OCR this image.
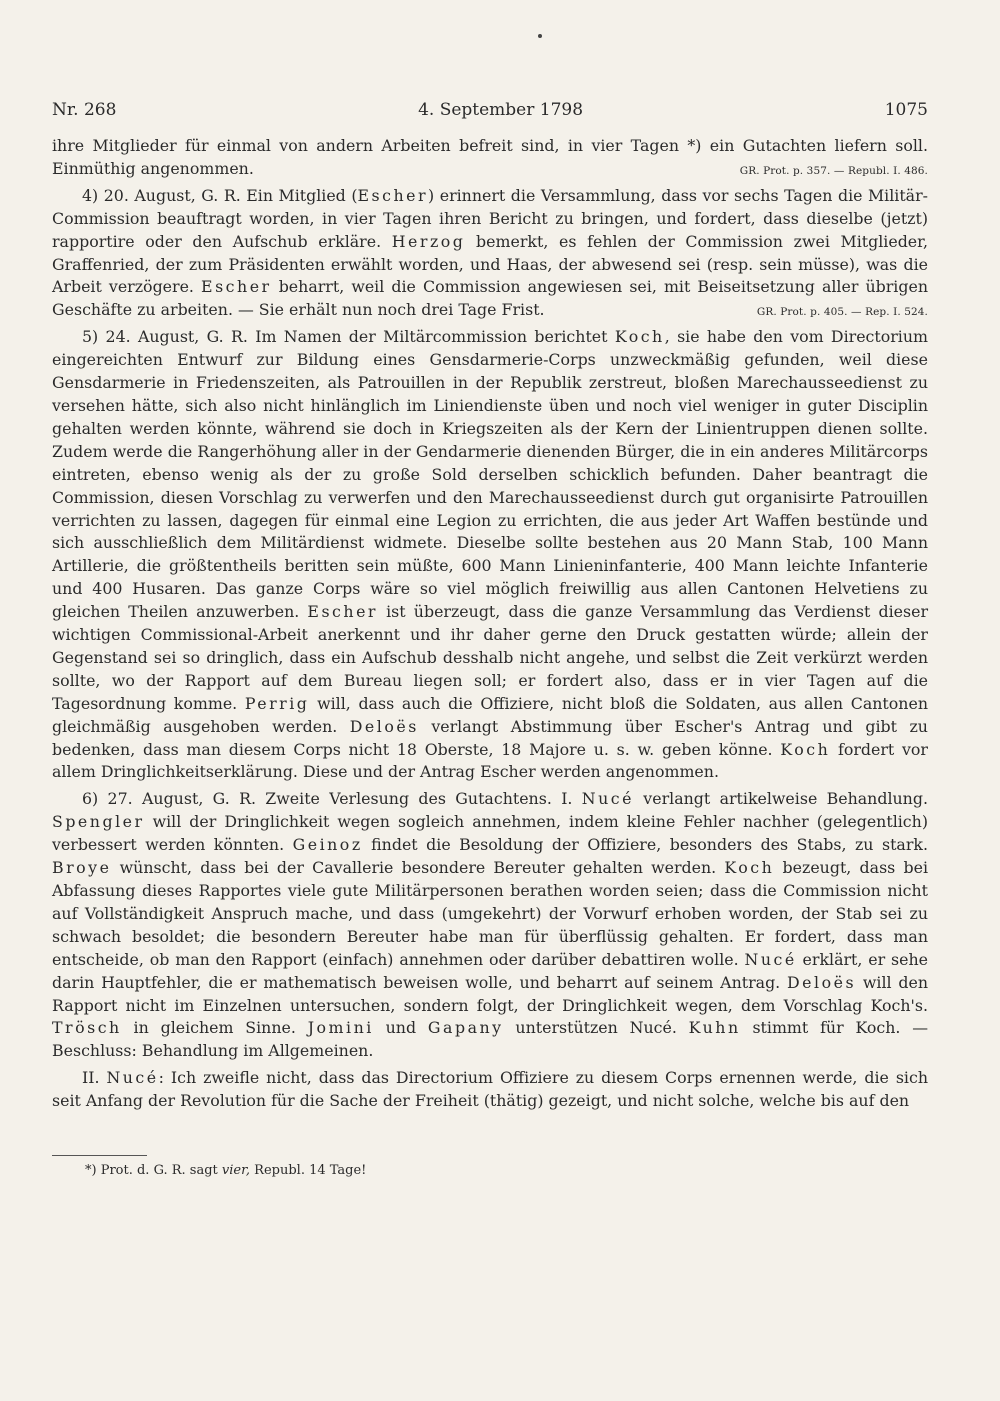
Nr. 268	4. September 1798	1075

ihre Mitglieder für einmal von andern Arbeiten befreit sind, in vier Tagen *) ein Gutachten liefern soll. Einmüthig angenommen.	GR. Prot. p. 357. — Republ. I. 486.

4) 20. August, G. R. Ein Mitglied (Escher) erinnert die Versammlung, dass vor sechs Tagen die Militär-Commission beauftragt worden, in vier Tagen ihren Bericht zu bringen, und fordert, dass dieselbe (jetzt) rapportire oder den Aufschub erkläre. Herzog bemerkt, es fehlen der Commission zwei Mitglieder, Graffenried, der zum Präsidenten erwählt worden, und Haas, der abwesend sei (resp. sein müsse), was die Arbeit verzögere. Escher beharrt, weil die Commission angewiesen sei, mit Beiseitsetzung aller übrigen Geschäfte zu arbeiten. — Sie erhält nun noch drei Tage Frist.	GR. Prot. p. 405. — Rep. I. 524.

5) 24. August, G. R. Im Namen der Miltärcommission berichtet Koch, sie habe den vom Directorium eingereichten Entwurf zur Bildung eines Gensdarmerie-Corps unzweckmäßig gefunden, weil diese Gensdarmerie in Friedenszeiten, als Patrouillen in der Republik zerstreut, bloßen Marechausseedienst zu versehen hätte, sich also nicht hinlänglich im Liniendienste üben und noch viel weniger in guter Disciplin gehalten werden könnte, während sie doch in Kriegszeiten als der Kern der Linientruppen dienen sollte. Zudem werde die Rangerhöhung aller in der Gendarmerie dienenden Bürger, die in ein anderes Militärcorps eintreten, ebenso wenig als der zu große Sold derselben schicklich befunden. Daher beantragt die Commission, diesen Vorschlag zu verwerfen und den Marechausseedienst durch gut organisirte Patrouillen verrichten zu lassen, dagegen für einmal eine Legion zu errichten, die aus jeder Art Waffen bestünde und sich ausschließlich dem Militärdienst widmete. Dieselbe sollte bestehen aus 20 Mann Stab, 100 Mann Artillerie, die größtentheils beritten sein müßte, 600 Mann Linieninfanterie, 400 Mann leichte Infanterie und 400 Husaren. Das ganze Corps wäre so viel möglich freiwillig aus allen Cantonen Helvetiens zu gleichen Theilen anzuwerben. Escher ist überzeugt, dass die ganze Versammlung das Verdienst dieser wichtigen Commissional-Arbeit anerkennt und ihr daher gerne den Druck gestatten würde; allein der Gegenstand sei so dringlich, dass ein Aufschub desshalb nicht angehe, und selbst die Zeit verkürzt werden sollte, wo der Rapport auf dem Bureau liegen soll; er fordert also, dass er in vier Tagen auf die Tagesordnung komme. Perrig will, dass auch die Offiziere, nicht bloß die Soldaten, aus allen Cantonen gleichmäßig ausgehoben werden. Deloës verlangt Abstimmung über Escher's Antrag und gibt zu bedenken, dass man diesem Corps nicht 18 Oberste, 18 Majore u. s. w. geben könne. Koch fordert vor allem Dringlichkeitserklärung. Diese und der Antrag Escher werden angenommen.

6) 27. August, G. R. Zweite Verlesung des Gutachtens. I. Nucé verlangt artikelweise Behandlung. Spengler will der Dringlichkeit wegen sogleich annehmen, indem kleine Fehler nachher (gelegentlich) verbessert werden könnten. Geinoz findet die Besoldung der Offiziere, besonders des Stabs, zu stark. Broye wünscht, dass bei der Cavallerie besondere Bereuter gehalten werden. Koch bezeugt, dass bei Abfassung dieses Rapportes viele gute Militärpersonen berathen worden seien; dass die Commission nicht auf Vollständigkeit Anspruch mache, und dass (umgekehrt) der Vorwurf erhoben worden, der Stab sei zu schwach besoldet; die besondern Bereuter habe man für überflüssig gehalten. Er fordert, dass man entscheide, ob man den Rapport (einfach) annehmen oder darüber debattiren wolle. Nucé erklärt, er sehe darin Hauptfehler, die er mathematisch beweisen wolle, und beharrt auf seinem Antrag. Deloës will den Rapport nicht im Einzelnen untersuchen, sondern folgt, der Dringlichkeit wegen, dem Vorschlag Koch's. Trösch in gleichem Sinne. Jomini und Gapany unterstützen Nucé. Kuhn stimmt für Koch. — Beschluss: Behandlung im Allgemeinen.

II. Nucé: Ich zweifle nicht, dass das Directorium Offiziere zu diesem Corps ernennen werde, die sich seit Anfang der Revolution für die Sache der Freiheit (thätig) gezeigt, und nicht solche, welche bis auf den

*) Prot. d. G. R. sagt vier, Republ. 14 Tage!
